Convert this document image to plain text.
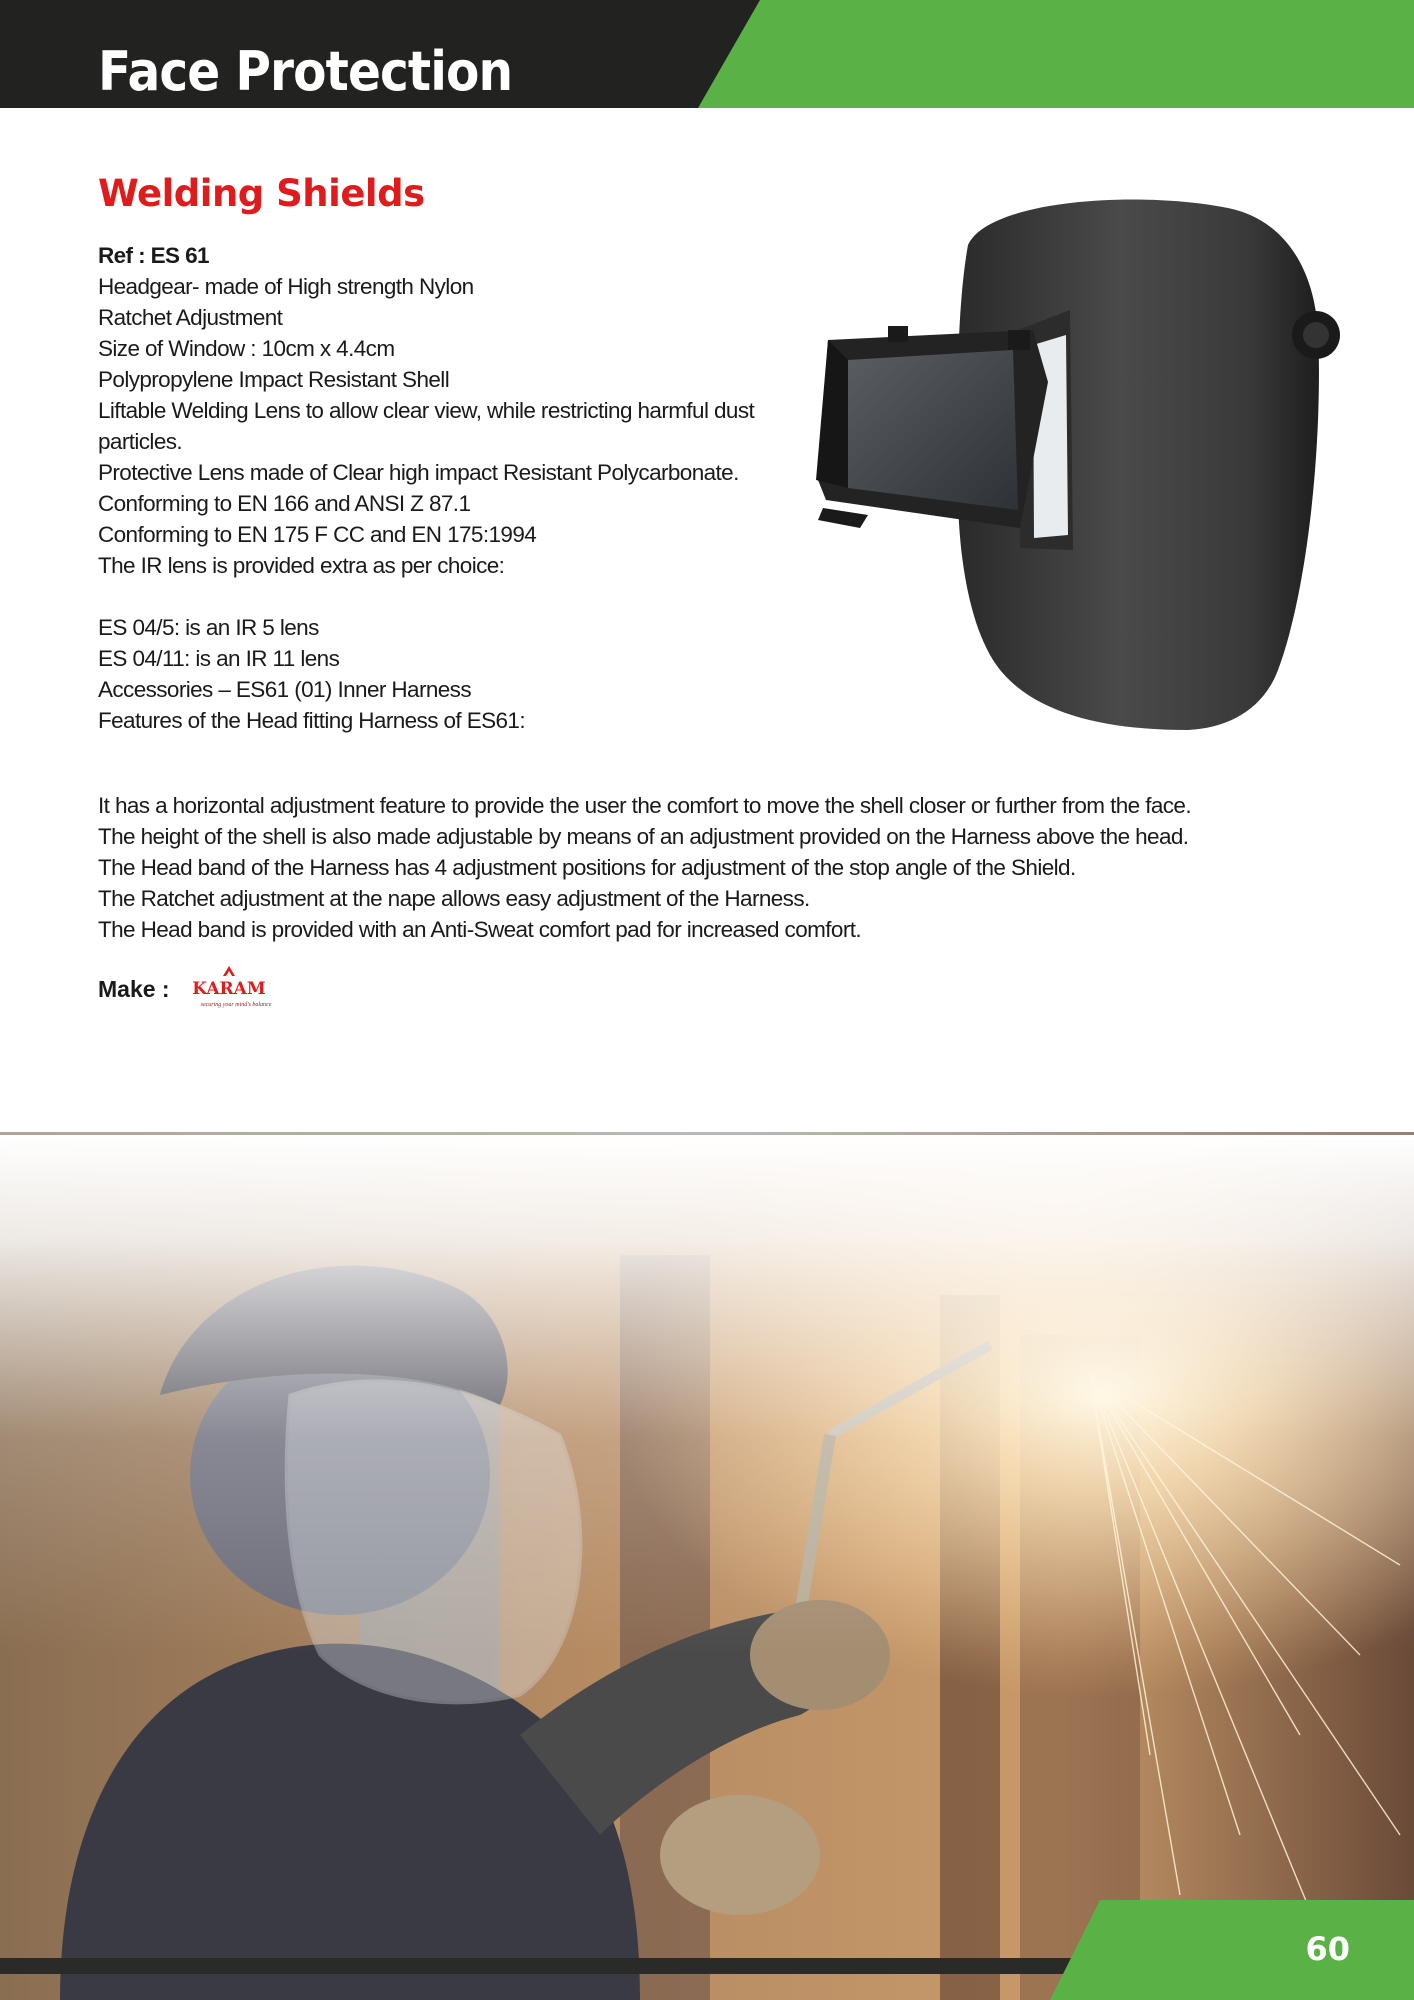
Face Protection
Welding Shields
Ref : ES 61
Headgear- made of High strength Nylon
Ratchet Adjustment
Size of Window : 10cm x 4.4cm
Polypropylene Impact Resistant Shell
Liftable Welding Lens to allow clear view, while restricting harmful dust
particles.
Protective Lens made of Clear high impact Resistant Polycarbonate.
Conforming to EN 166 and ANSI Z 87.1
Conforming to EN 175 F CC and EN 175:1994
The IR lens is provided extra as per choice:
ES 04/5: is an IR 5 lens
ES 04/11: is an IR 11 lens
Accessories – ES61 (01) Inner Harness
Features of the Head fitting Harness of ES61:
It has a horizontal adjustment feature to provide the user the comfort to move the shell closer or further from the face.
The height of the shell is also made adjustable by means of an adjustment provided on the Harness above the head.
The Head band of the Harness has 4 adjustment positions for adjustment of the stop angle of the Shield.
The Ratchet adjustment at the nape allows easy adjustment of the Harness.
The Head band is provided with an Anti-Sweat comfort pad for increased comfort.
Make : KARAM
securing your mind's balance
60
